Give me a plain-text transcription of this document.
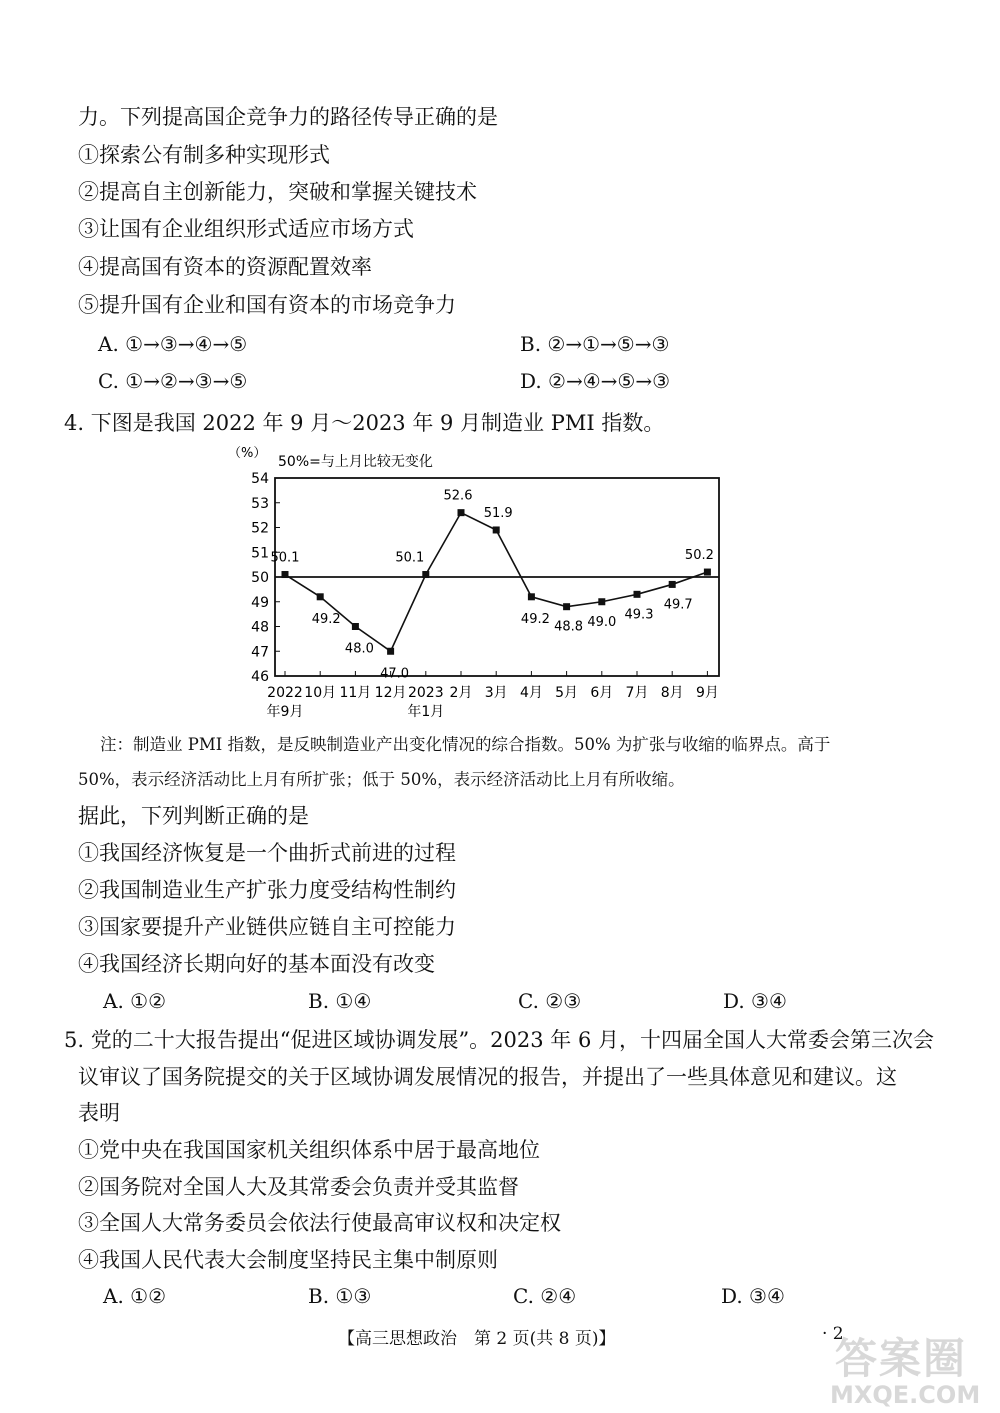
力。下列提高国企竞争力的路径传导正确的是
①探索公有制多种实现形式
②提高自主创新能力，突破和掌握关键技术
③让国有企业组织形式适应市场方式
④提高国有资本的资源配置效率
⑤提升国有企业和国有资本的市场竞争力
A. ①→③→④→⑤	B. ②→①→⑤→③
C. ①→②→③→⑤	D. ②→④→⑤→③
4. 下图是我国 2022 年 9 月～2023 年 9 月制造业 PMI 指数。
（%）
50%=与上月比较无变化
46
47
48
49
50
51
52
53
54
2022
年9月
10月 11月 12月 2023
年1月
2月 3月 4月 5月 6月 7月 8月 9月
50.1
49.2
48.0
47.0
50.1
52.6
51.9
49.2
48.8 49.0 49.3
49.7
50.2
注：制造业 PMI 指数，是反映制造业产出变化情况的综合指数。50% 为扩张与收缩的临界点。高于
50%，表示经济活动比上月有所扩张；低于 50%，表示经济活动比上月有所收缩。
据此，下列判断正确的是
①我国经济恢复是一个曲折式前进的过程
②我国制造业生产扩张力度受结构性制约
③国家要提升产业链供应链自主可控能力
④我国经济长期向好的基本面没有改变
A. ①②	B. ①④	C. ②③	D. ③④
5. 党的二十大报告提出“促进区域协调发展”。2023 年 6 月，十四届全国人大常委会第三次会
议审议了国务院提交的关于区域协调发展情况的报告，并提出了一些具体意见和建议。这
表明
①党中央在我国国家机关组织体系中居于最高地位
②国务院对全国人大及其常委会负责并受其监督
③全国人大常务委员会依法行使最高审议权和决定权
④我国人民代表大会制度坚持民主集中制原则
A. ①②	B. ①③	C. ②④	D. ③④
【高三思想政治　第 2 页(共 8 页)】	· 2
答案圈
MXQE.COM
